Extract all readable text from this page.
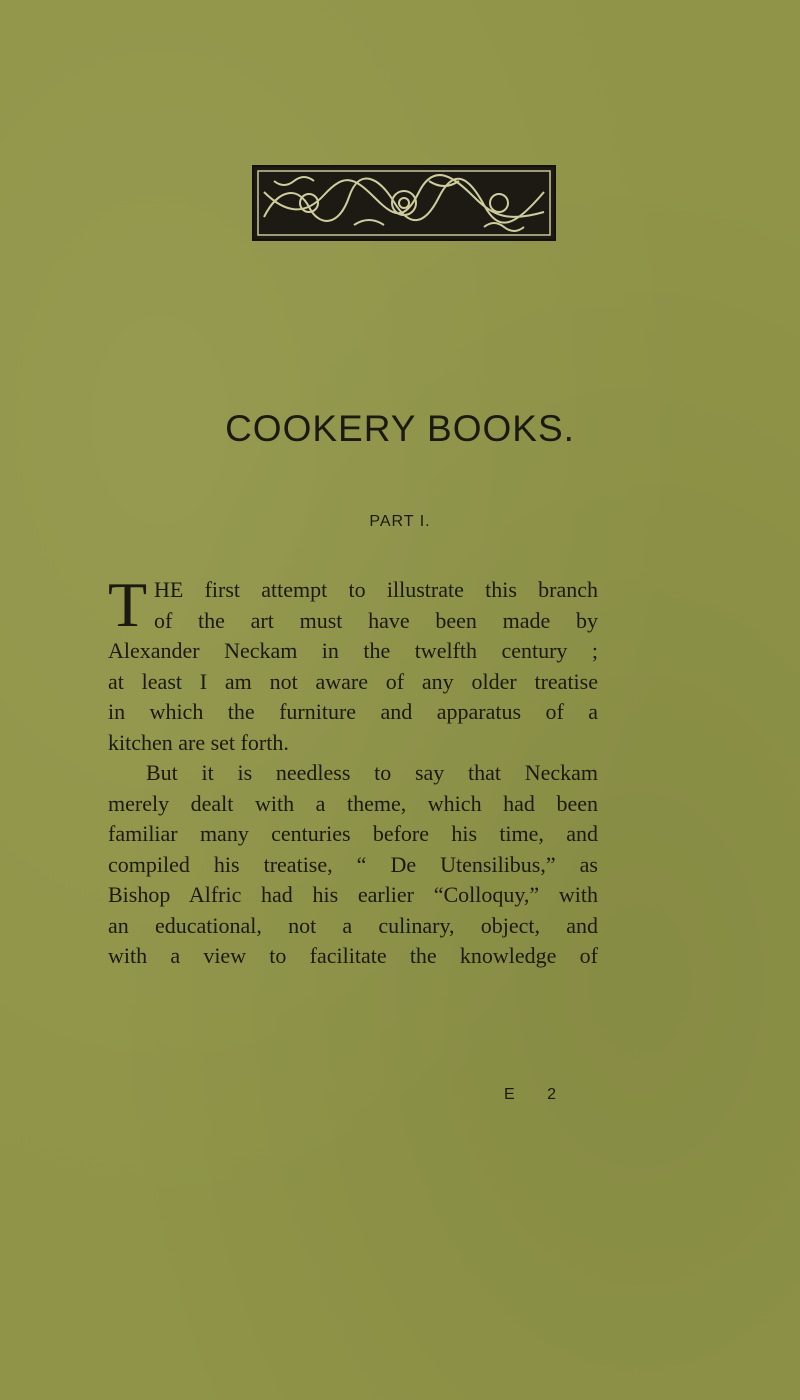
COOKERY BOOKS.
PART I.
T HE first attempt to illustrate this branch
of the art must have been made by
Alexander Neckam in the twelfth century ;
at least I am not aware of any older treatise
in which the furniture and apparatus of a
kitchen are set forth.
But it is needless to say that Neckam
merely dealt with a theme, which had been
familiar many centuries before his time, and
compiled his treatise, “ De Utensilibus,” as
Bishop Alfric had his earlier “Colloquy,” with
an educational, not a culinary, object, and
with a view to facilitate the knowledge of
E 2
